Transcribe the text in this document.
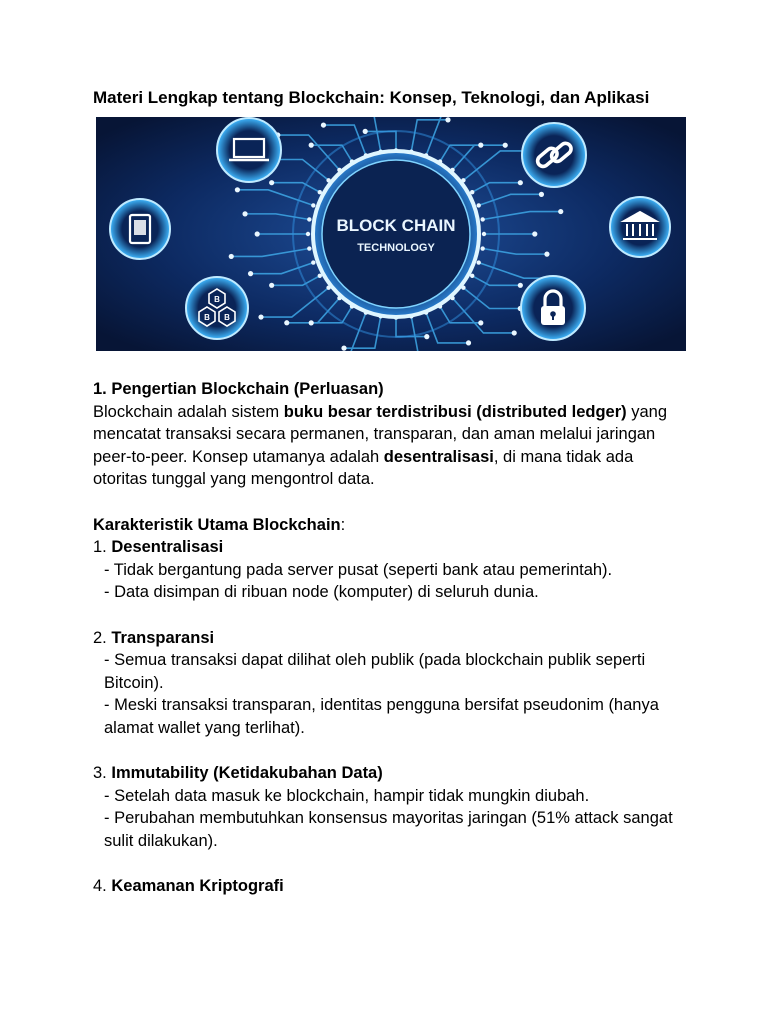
Materi Lengkap tentang Blockchain: Konsep, Teknologi, dan Aplikasi
BLOCK CHAIN
TECHNOLOGY
B
B B

1. Pengertian Blockchain (Perluasan)

Blockchain adalah sistem buku besar terdistribusi (distributed ledger) yang mencatat transaksi secara permanen, transparan, dan aman melalui jaringan peer-to-peer. Konsep utamanya adalah desentralisasi, di mana tidak ada otoritas tunggal yang mengontrol data.

Karakteristik Utama Blockchain:

1. Desentralisasi

- Tidak bergantung pada server pusat (seperti bank atau pemerintah).

- Data disimpan di ribuan node (komputer) di seluruh dunia.

2. Transparansi

- Semua transaksi dapat dilihat oleh publik (pada blockchain publik seperti Bitcoin).

- Meski transaksi transparan, identitas pengguna bersifat pseudonim (hanya alamat wallet yang terlihat).

3. Immutability (Ketidakubahan Data)

- Setelah data masuk ke blockchain, hampir tidak mungkin diubah.

- Perubahan membutuhkan konsensus mayoritas jaringan (51% attack sangat sulit dilakukan).

4. Keamanan Kriptografi
